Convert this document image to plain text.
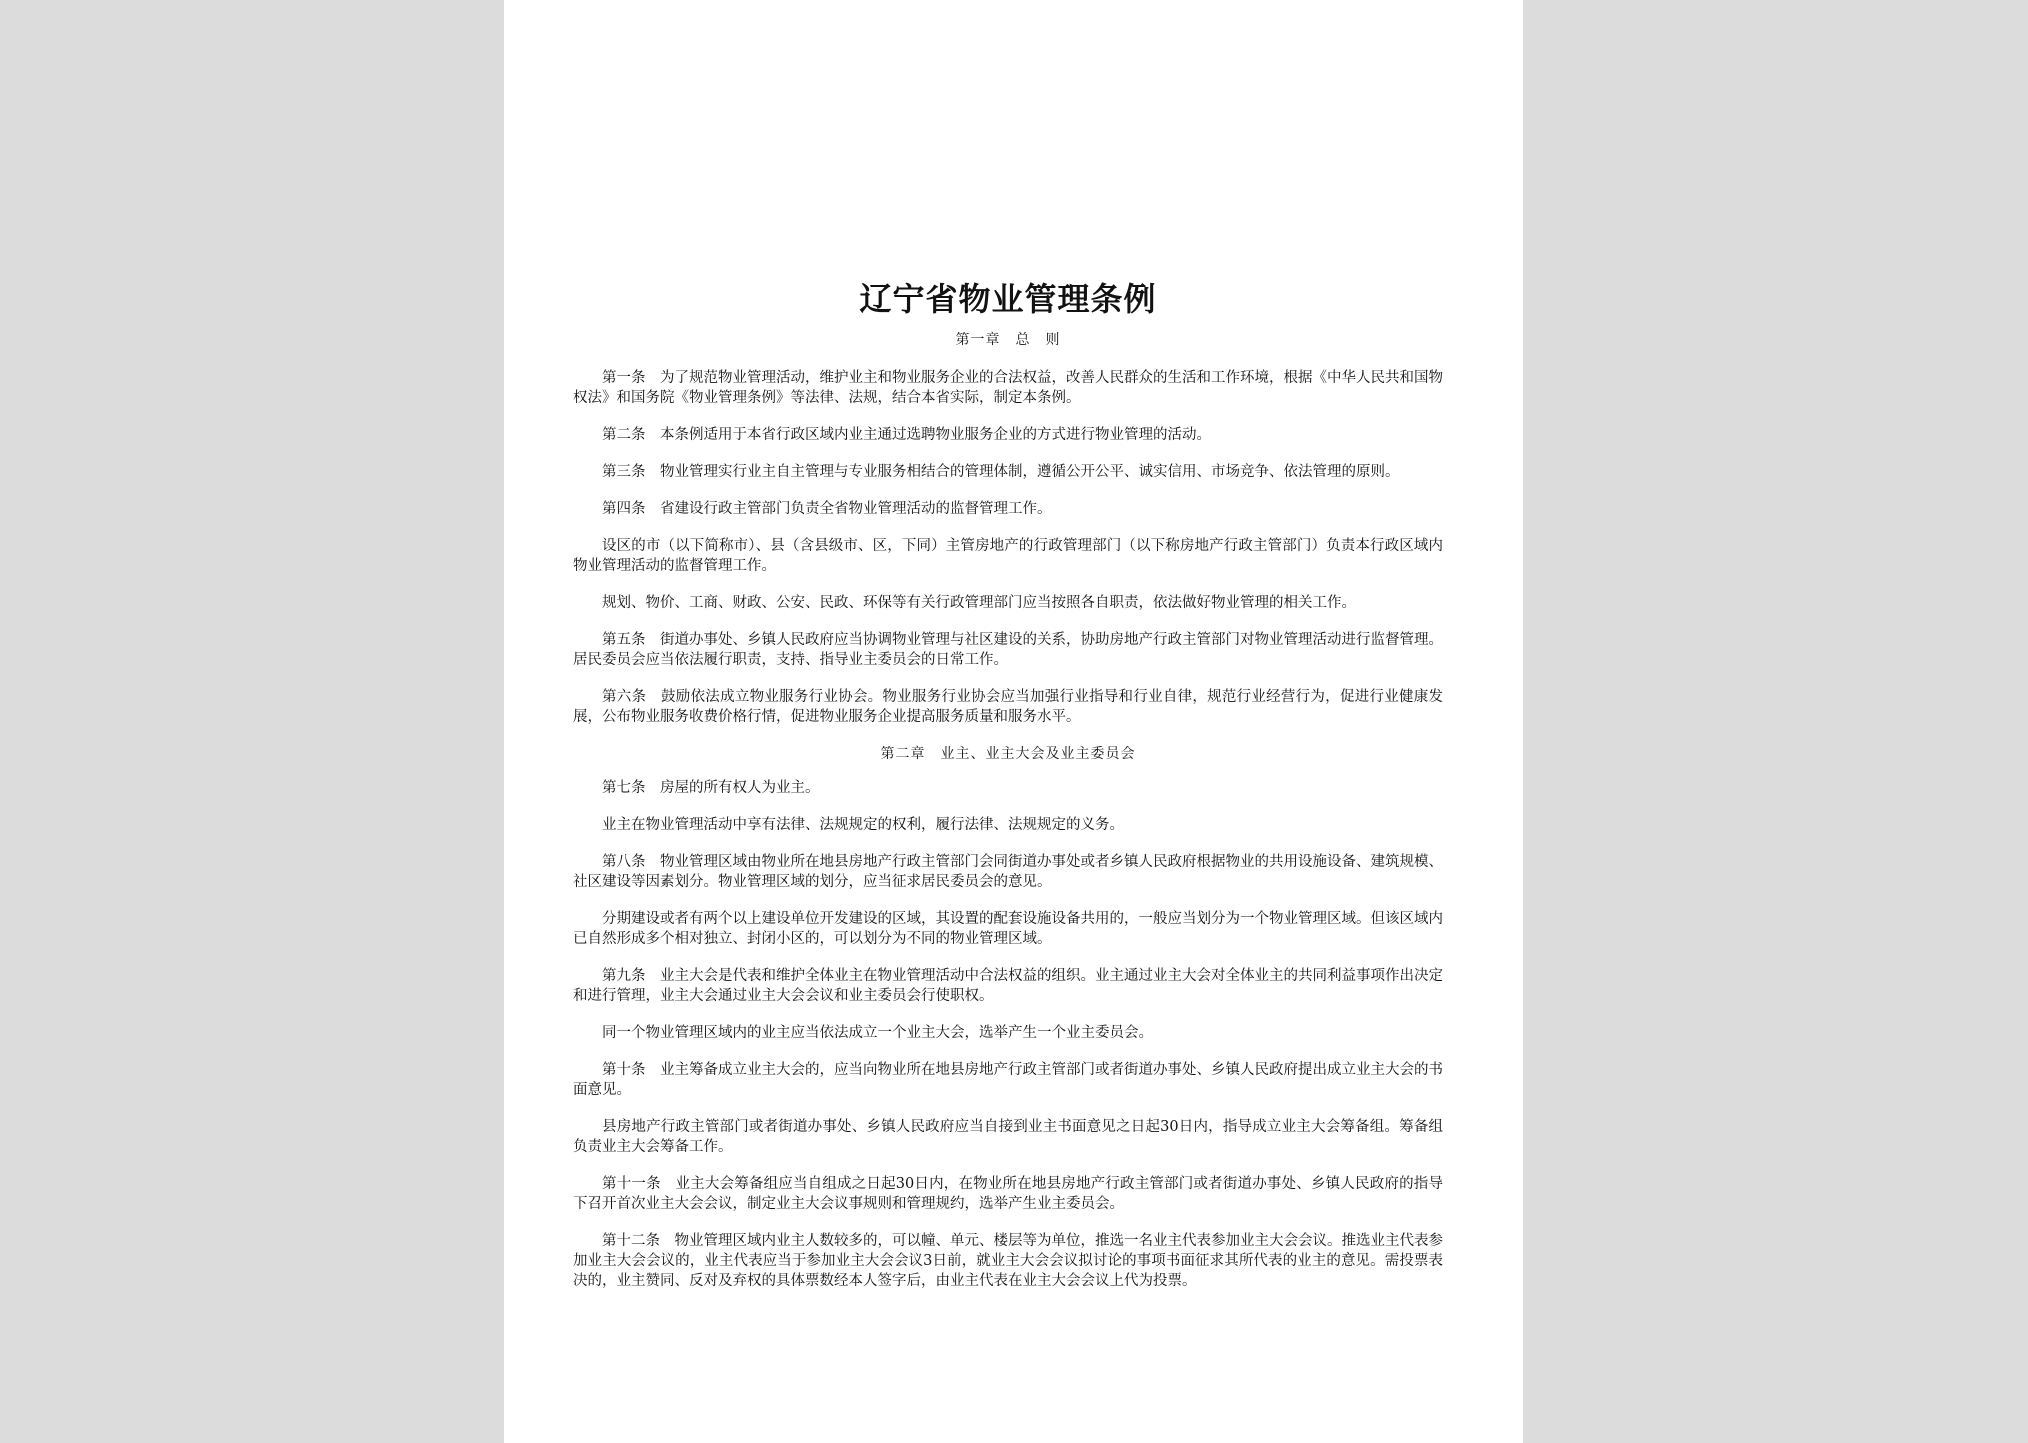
辽宁省物业管理条例
第一章　总　则

第一条　为了规范物业管理活动，维护业主和物业服务企业的合法权益，改善人民群众的生活和工作环境，根据《中华人民共和国物权法》和国务院《物业管理条例》等法律、法规，结合本省实际，制定本条例。

第二条　本条例适用于本省行政区域内业主通过选聘物业服务企业的方式进行物业管理的活动。

第三条　物业管理实行业主自主管理与专业服务相结合的管理体制，遵循公开公平、诚实信用、市场竞争、依法管理的原则。

第四条　省建设行政主管部门负责全省物业管理活动的监督管理工作。

设区的市（以下简称市）、县（含县级市、区，下同）主管房地产的行政管理部门（以下称房地产行政主管部门）负责本行政区域内物业管理活动的监督管理工作。

规划、物价、工商、财政、公安、民政、环保等有关行政管理部门应当按照各自职责，依法做好物业管理的相关工作。

第五条　街道办事处、乡镇人民政府应当协调物业管理与社区建设的关系，协助房地产行政主管部门对物业管理活动进行监督管理。居民委员会应当依法履行职责，支持、指导业主委员会的日常工作。

第六条　鼓励依法成立物业服务行业协会。物业服务行业协会应当加强行业指导和行业自律，规范行业经营行为，促进行业健康发展，公布物业服务收费价格行情，促进物业服务企业提高服务质量和服务水平。

第二章　业主、业主大会及业主委员会

第七条　房屋的所有权人为业主。

业主在物业管理活动中享有法律、法规规定的权利，履行法律、法规规定的义务。

第八条　物业管理区域由物业所在地县房地产行政主管部门会同街道办事处或者乡镇人民政府根据物业的共用设施设备、建筑规模、社区建设等因素划分。物业管理区域的划分，应当征求居民委员会的意见。

分期建设或者有两个以上建设单位开发建设的区域，其设置的配套设施设备共用的，一般应当划分为一个物业管理区域。但该区域内已自然形成多个相对独立、封闭小区的，可以划分为不同的物业管理区域。

第九条　业主大会是代表和维护全体业主在物业管理活动中合法权益的组织。业主通过业主大会对全体业主的共同利益事项作出决定和进行管理，业主大会通过业主大会会议和业主委员会行使职权。

同一个物业管理区域内的业主应当依法成立一个业主大会，选举产生一个业主委员会。

第十条　业主筹备成立业主大会的，应当向物业所在地县房地产行政主管部门或者街道办事处、乡镇人民政府提出成立业主大会的书面意见。

县房地产行政主管部门或者街道办事处、乡镇人民政府应当自接到业主书面意见之日起30日内，指导成立业主大会筹备组。筹备组负责业主大会筹备工作。

第十一条　业主大会筹备组应当自组成之日起30日内，在物业所在地县房地产行政主管部门或者街道办事处、乡镇人民政府的指导下召开首次业主大会会议，制定业主大会议事规则和管理规约，选举产生业主委员会。

第十二条　物业管理区域内业主人数较多的，可以幢、单元、楼层等为单位，推选一名业主代表参加业主大会会议。推选业主代表参加业主大会会议的，业主代表应当于参加业主大会会议3日前，就业主大会会议拟讨论的事项书面征求其所代表的业主的意见。需投票表决的，业主赞同、反对及弃权的具体票数经本人签字后，由业主代表在业主大会会议上代为投票。
